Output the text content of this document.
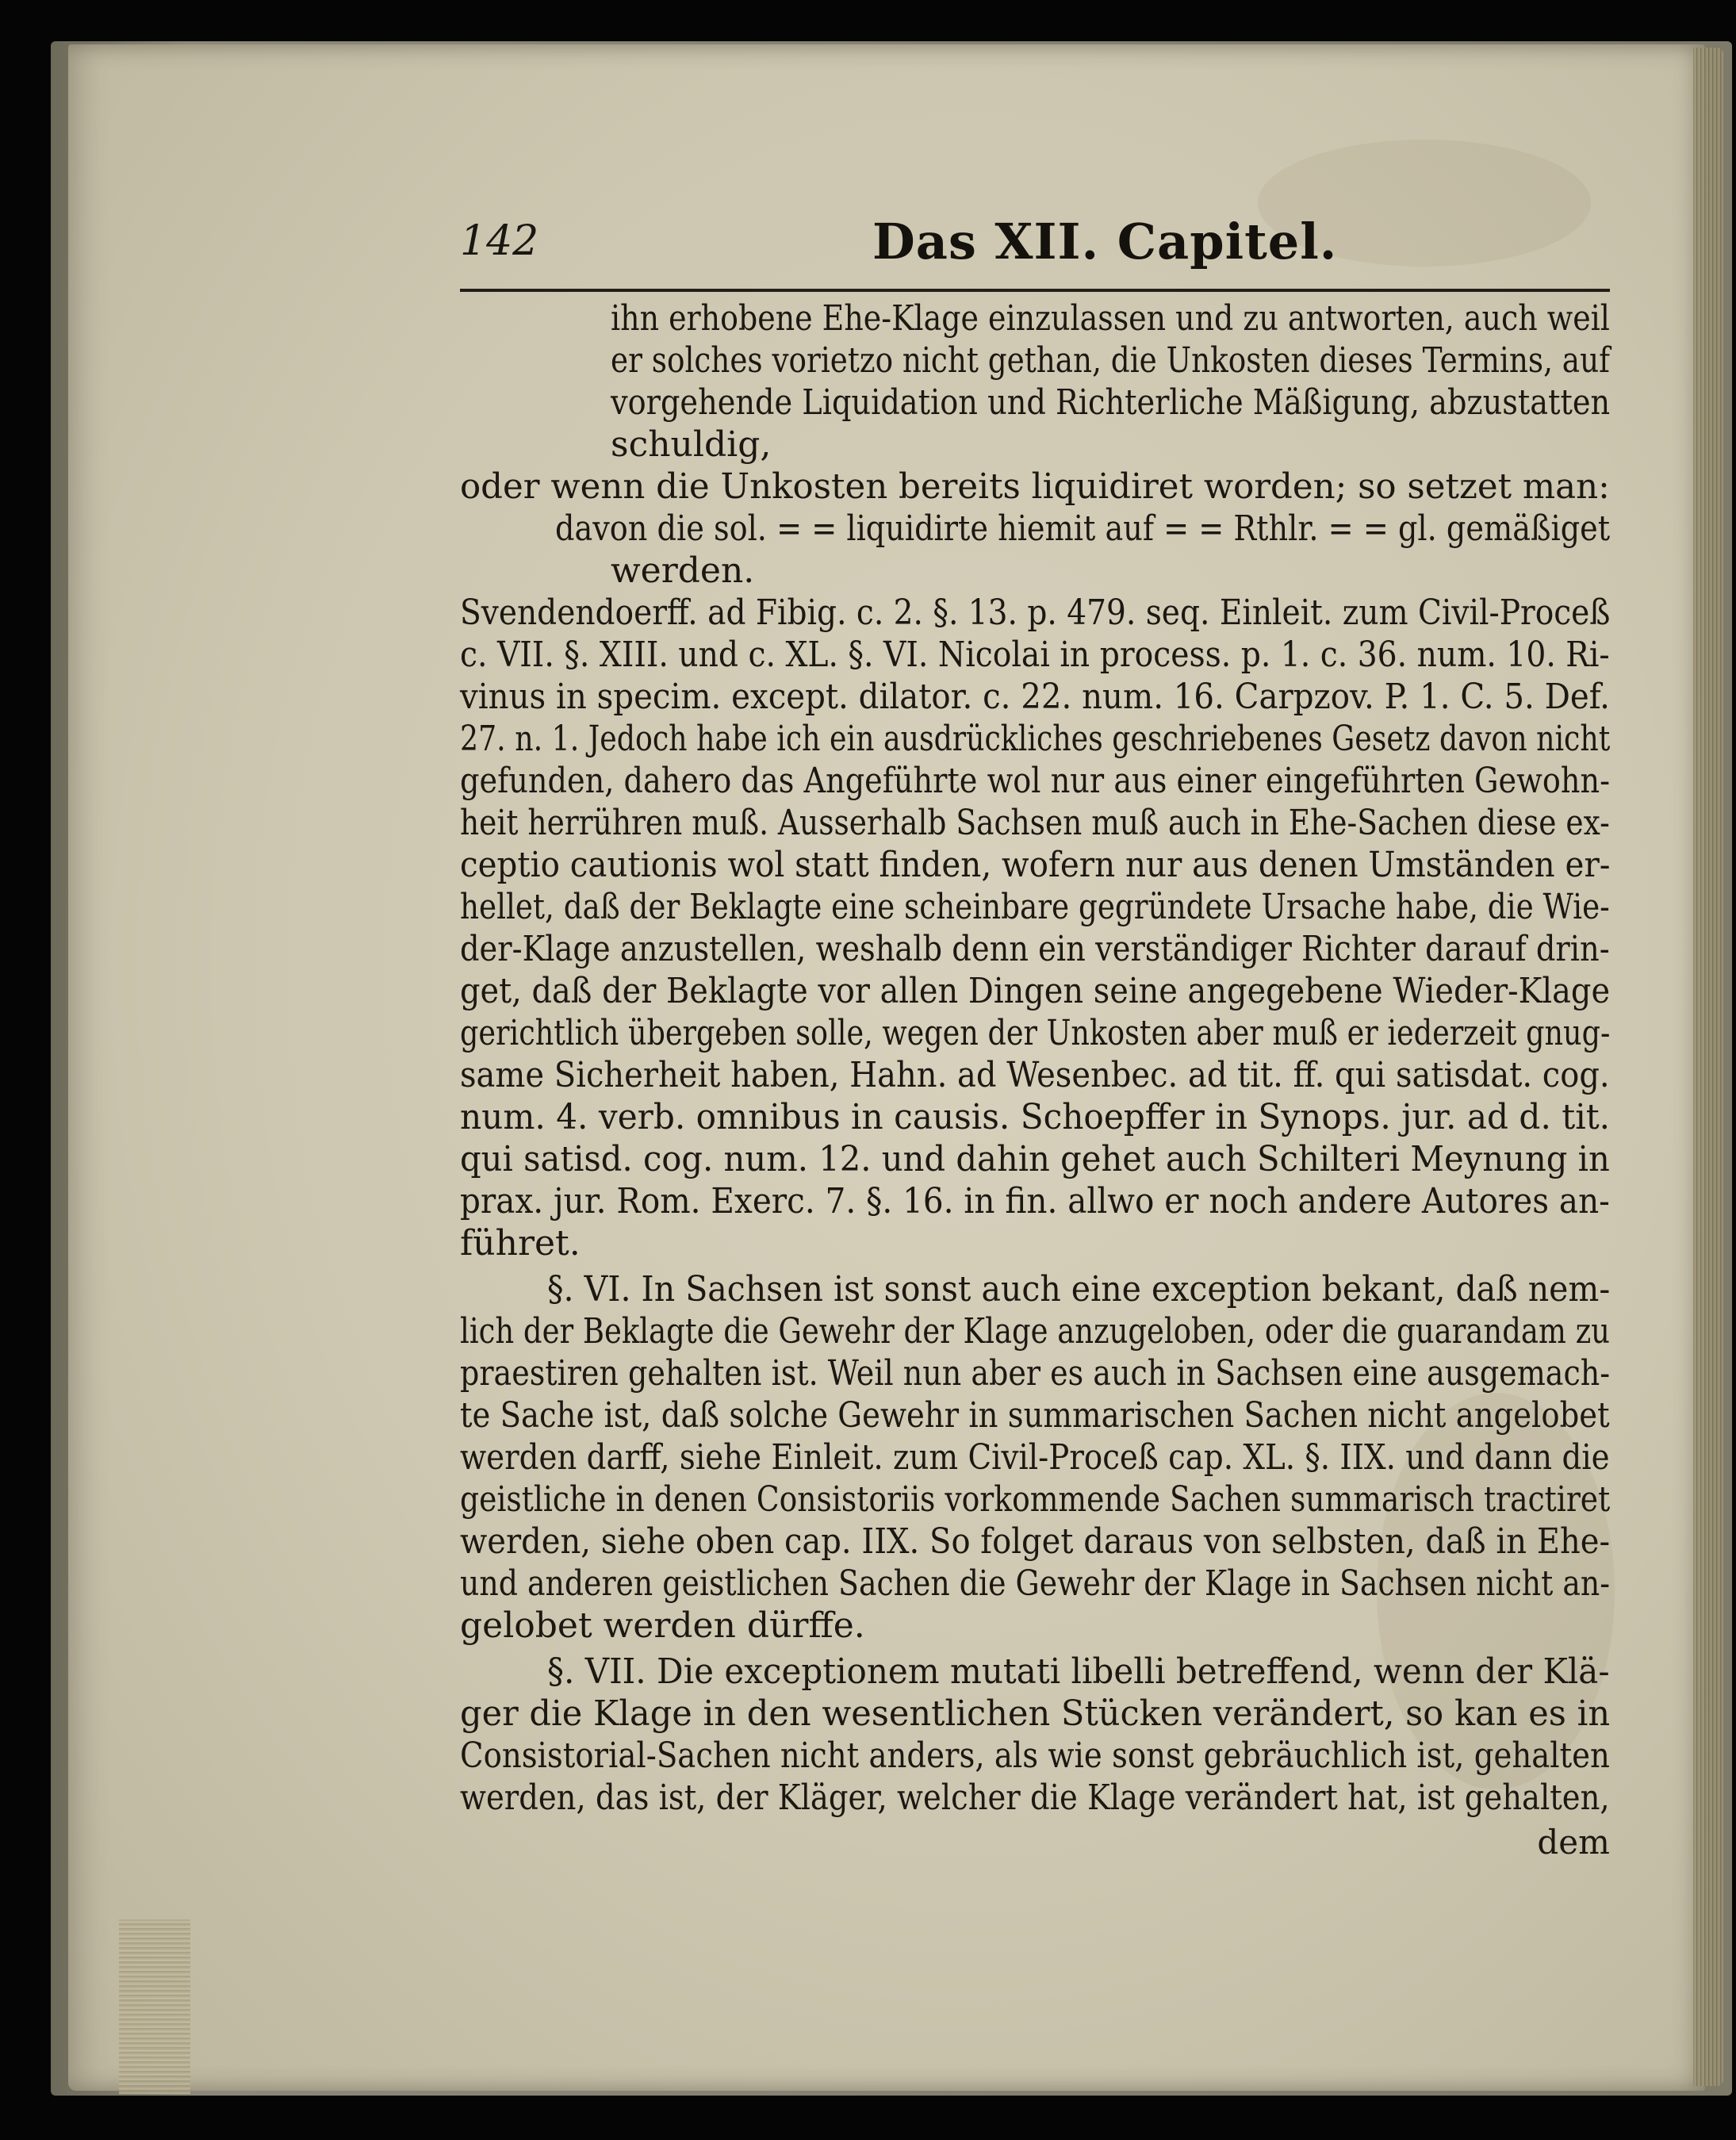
142	Das XII. Capitel.
ihn erhobene Ehe-Klage einzulassen und zu antworten, auch weil
er solches vorietzo nicht gethan, die Unkosten dieses Termins, auf
vorgehende Liquidation und Richterliche Mäßigung, abzustatten
schuldig,
oder wenn die Unkosten bereits liquidiret worden; so setzet man:
davon die sol. = = liquidirte hiemit auf = = Rthlr. = = gl. gemäßiget
werden.
Svendendoerff. ad Fibig. c. 2. §. 13. p. 479. seq. Einleit. zum Civil-Proceß
c. VII. §. XIII. und c. XL. §. VI. Nicolai in process. p. 1. c. 36. num. 10. Ri-
vinus in specim. except. dilator. c. 22. num. 16. Carpzov. P. 1. C. 5. Def.
27. n. 1. Jedoch habe ich ein ausdrückliches geschriebenes Gesetz davon nicht
gefunden, dahero das Angeführte wol nur aus einer eingeführten Gewohn-
heit herrühren muß. Ausserhalb Sachsen muß auch in Ehe-Sachen diese ex-
ceptio cautionis wol statt finden, wofern nur aus denen Umständen er-
hellet, daß der Beklagte eine scheinbare gegründete Ursache habe, die Wie-
der-Klage anzustellen, weshalb denn ein verständiger Richter darauf drin-
get, daß der Beklagte vor allen Dingen seine angegebene Wieder-Klage
gerichtlich übergeben solle, wegen der Unkosten aber muß er iederzeit gnug-
same Sicherheit haben, Hahn. ad Wesenbec. ad tit. ff. qui satisdat. cog.
num. 4. verb. omnibus in causis. Schoepffer in Synops. jur. ad d. tit.
qui satisd. cog. num. 12. und dahin gehet auch Schilteri Meynung in
prax. jur. Rom. Exerc. 7. §. 16. in fin. allwo er noch andere Autores an-
führet.
§. VI. In Sachsen ist sonst auch eine exception bekant, daß nem-
lich der Beklagte die Gewehr der Klage anzugeloben, oder die guarandam zu
praestiren gehalten ist. Weil nun aber es auch in Sachsen eine ausgemach-
te Sache ist, daß solche Gewehr in summarischen Sachen nicht angelobet
werden darff, siehe Einleit. zum Civil-Proceß cap. XL. §. IIX. und dann die
geistliche in denen Consistoriis vorkommende Sachen summarisch tractiret
werden, siehe oben cap. IIX. So folget daraus von selbsten, daß in Ehe-
und anderen geistlichen Sachen die Gewehr der Klage in Sachsen nicht an-
gelobet werden dürffe.
§. VII. Die exceptionem mutati libelli betreffend, wenn der Klä-
ger die Klage in den wesentlichen Stücken verändert, so kan es in
Consistorial-Sachen nicht anders, als wie sonst gebräuchlich ist, gehalten
werden, das ist, der Kläger, welcher die Klage verändert hat, ist gehalten,
dem
